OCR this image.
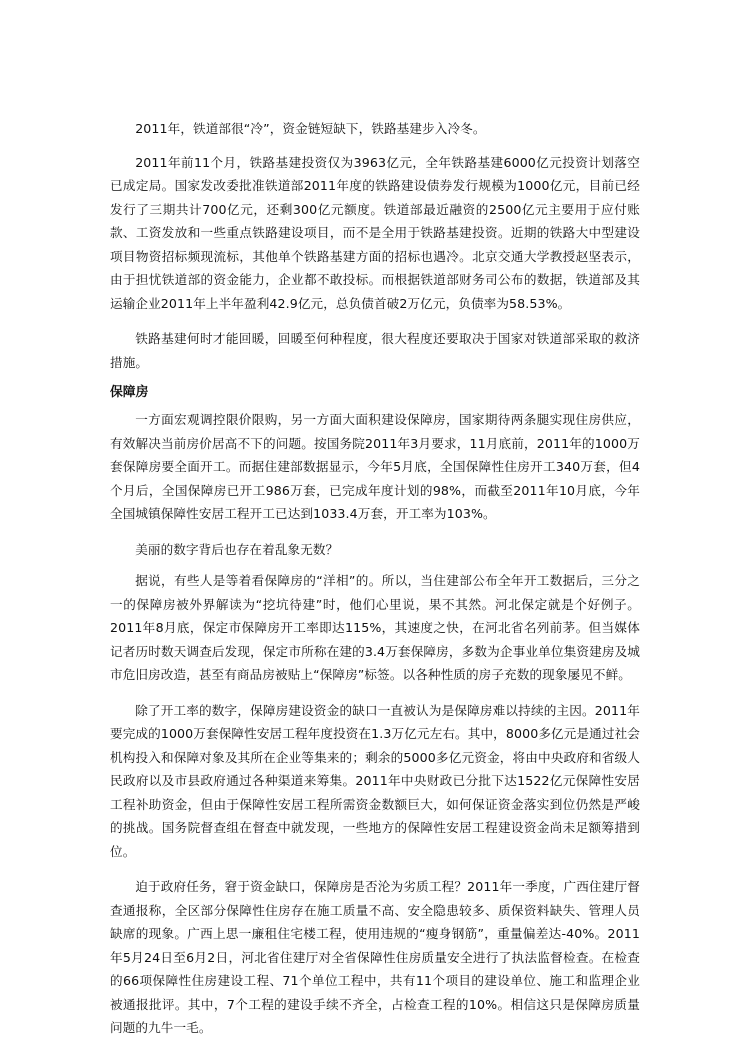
2011年，铁道部很“冷”，资金链短缺下，铁路基建步入冷冬。

2011年前11个月，铁路基建投资仅为3963亿元，全年铁路基建6000亿元投资计划落空已成定局。国家发改委批准铁道部2011年度的铁路建设债券发行规模为1000亿元，目前已经发行了三期共计700亿元，还剩300亿元额度。铁道部最近融资的2500亿元主要用于应付账款、工资发放和一些重点铁路建设项目，而不是全用于铁路基建投资。近期的铁路大中型建设项目物资招标频现流标，其他单个铁路基建方面的招标也遇冷。北京交通大学教授赵坚表示，由于担忧铁道部的资金能力，企业都不敢投标。而根据铁道部财务司公布的数据，铁道部及其运输企业2011年上半年盈利42.9亿元，总负债首破2万亿元，负债率为58.53%。

铁路基建何时才能回暖，回暖至何种程度，很大程度还要取决于国家对铁道部采取的救济措施。

保障房

一方面宏观调控限价限购，另一方面大面积建设保障房，国家期待两条腿实现住房供应，有效解决当前房价居高不下的问题。按国务院2011年3月要求，11月底前，2011年的1000万套保障房要全面开工。而据住建部数据显示，今年5月底，全国保障性住房开工340万套，但4个月后，全国保障房已开工986万套，已完成年度计划的98%，而截至2011年10月底，今年全国城镇保障性安居工程开工已达到1033.4万套，开工率为103%。

美丽的数字背后也存在着乱象无数？

据说，有些人是等着看保障房的“洋相”的。所以，当住建部公布全年开工数据后，三分之一的保障房被外界解读为“挖坑待建”时，他们心里说，果不其然。河北保定就是个好例子。2011年8月底，保定市保障房开工率即达115%，其速度之快，在河北省名列前茅。但当媒体记者历时数天调查后发现，保定市所称在建的3.4万套保障房，多数为企事业单位集资建房及城市危旧房改造，甚至有商品房被贴上“保障房”标签。以各种性质的房子充数的现象屡见不鲜。

除了开工率的数字，保障房建设资金的缺口一直被认为是保障房难以持续的主因。2011年要完成的1000万套保障性安居工程年度投资在1.3万亿元左右。其中，8000多亿元是通过社会机构投入和保障对象及其所在企业等集来的；剩余的5000多亿元资金，将由中央政府和省级人民政府以及市县政府通过各种渠道来筹集。2011年中央财政已分批下达1522亿元保障性安居工程补助资金，但由于保障性安居工程所需资金数额巨大，如何保证资金落实到位仍然是严峻的挑战。国务院督查组在督查中就发现，一些地方的保障性安居工程建设资金尚未足额筹措到位。

迫于政府任务，窘于资金缺口，保障房是否沦为劣质工程？2011年一季度，广西住建厅督查通报称，全区部分保障性住房存在施工质量不高、安全隐患较多、质保资料缺失、管理人员缺席的现象。广西上思一廉租住宅楼工程，使用违规的“瘦身钢筋”，重量偏差达-40%。2011年5月24日至6月2日，河北省住建厅对全省保障性住房质量安全进行了执法监督检查。在检查的66项保障性住房建设工程、71个单位工程中，共有11个项目的建设单位、施工和监理企业被通报批评。其中，7个工程的建设手续不齐全，占检查工程的10%。相信这只是保障房质量问题的九牛一毛。
